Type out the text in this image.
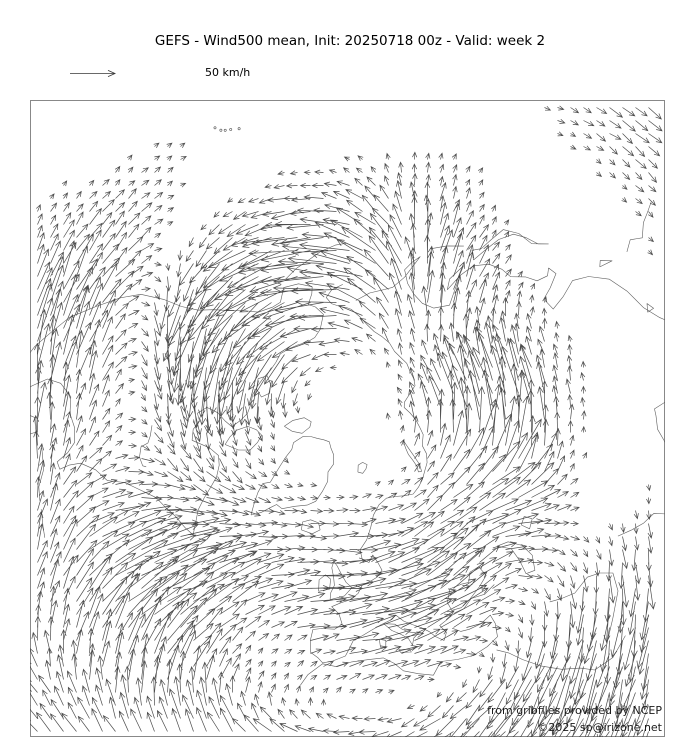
GEFS - Wind500 mean, Init: 20250718 00z - Valid: week 2
50 km/h
from gribfiles provided by NCEP
©2025 sp@irizone.net
